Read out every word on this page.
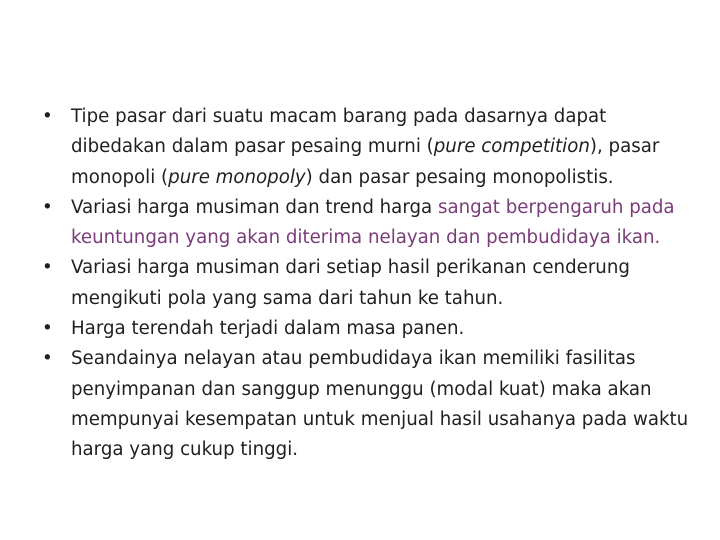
• Tipe pasar dari suatu macam barang pada dasarnya dapat dibedakan dalam pasar pesaing murni (pure competition), pasar monopoli (pure monopoly) dan pasar pesaing monopolistis.
• Variasi harga musiman dan trend harga sangat berpengaruh pada keuntungan yang akan diterima nelayan dan pembudidaya ikan.
• Variasi harga musiman dari setiap hasil perikanan cenderung mengikuti pola yang sama dari tahun ke tahun.
• Harga terendah terjadi dalam masa panen.
• Seandainya nelayan atau pembudidaya ikan memiliki fasilitas penyimpanan dan sanggup menunggu (modal kuat) maka akan mempunyai kesempatan untuk menjual hasil usahanya pada waktu harga yang cukup tinggi.
